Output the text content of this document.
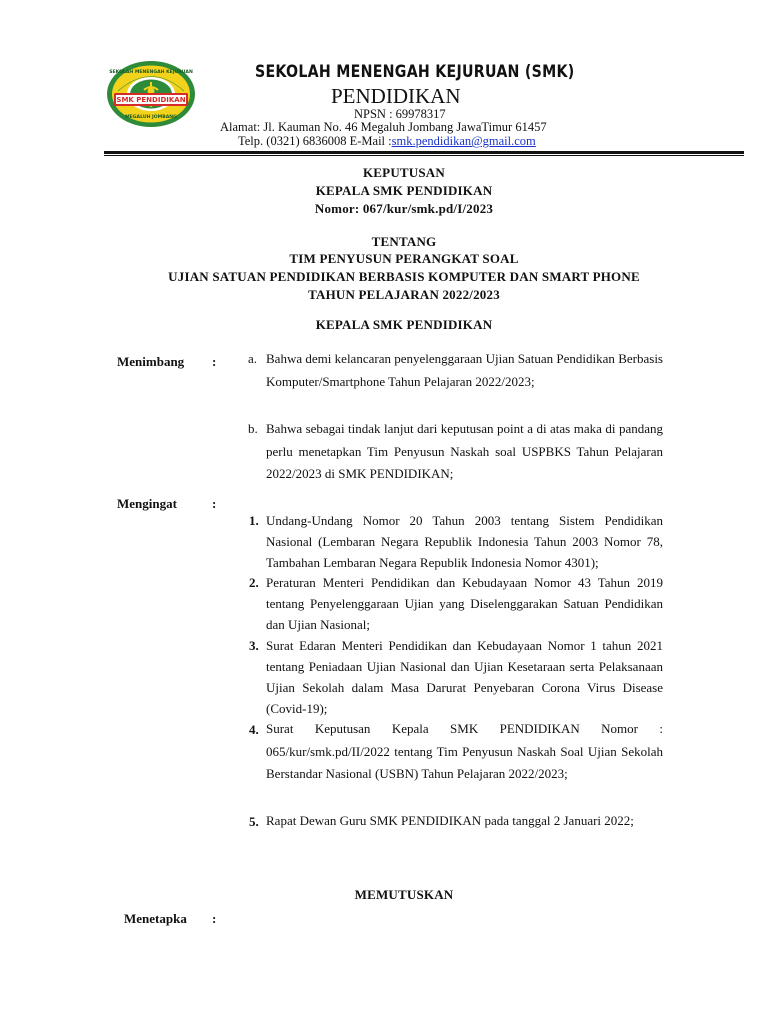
SMK PENDIDIKAN
SEKOLAH MENENGAH KEJURUAN
MEGALUH JOMBANG
SEKOLAH MENENGAH KEJURUAN (SMK)
PENDIDIKAN
NPSN : 69978317
Alamat: Jl. Kauman No. 46 Megaluh Jombang JawaTimur 61457
Telp. (0321) 6836008 E-Mail :smk.pendidikan@gmail.com
KEPUTUSAN
KEPALA SMK PENDIDIKAN
Nomor: 067/kur/smk.pd/I/2023
TENTANG
TIM PENYUSUN PERANGKAT SOAL
UJIAN SATUAN PENDIDIKAN BERBASIS KOMPUTER DAN SMART PHONE
TAHUN PELAJARAN 2022/2023
KEPALA SMK PENDIDIKAN
Menimbang : a. Bahwa demi kelancaran penyelenggaraan Ujian Satuan Pendidikan Berbasis Komputer/Smartphone Tahun Pelajaran 2022/2023;
b. Bahwa sebagai tindak lanjut dari keputusan point a di atas maka di pandang perlu menetapkan Tim Penyusun Naskah soal USPBKS Tahun Pelajaran 2022/2023 di SMK PENDIDIKAN;
Mengingat	:
1. Undang-Undang Nomor 20 Tahun 2003 tentang Sistem Pendidikan Nasional (Lembaran Negara Republik Indonesia Tahun 2003 Nomor 78, Tambahan Lembaran Negara Republik Indonesia Nomor 4301);
2. Peraturan Menteri Pendidikan dan Kebudayaan Nomor 43 Tahun 2019 tentang Penyelenggaraan Ujian yang Diselenggarakan Satuan Pendidikan dan Ujian Nasional;
3. Surat Edaran Menteri Pendidikan dan Kebudayaan Nomor 1 tahun 2021 tentang Peniadaan Ujian Nasional dan Ujian Kesetaraan serta Pelaksanaan Ujian Sekolah dalam Masa Darurat Penyebaran Corona Virus Disease (Covid-19);
4. Surat Keputusan Kepala SMK PENDIDIKAN Nomor : 065/kur/smk.pd/II/2022 tentang Tim Penyusun Naskah Soal Ujian Sekolah Berstandar Nasional (USBN) Tahun Pelajaran 2022/2023;
5. Rapat Dewan Guru SMK PENDIDIKAN pada tanggal 2 Januari 2022;
MEMUTUSKAN
Menetapka :
